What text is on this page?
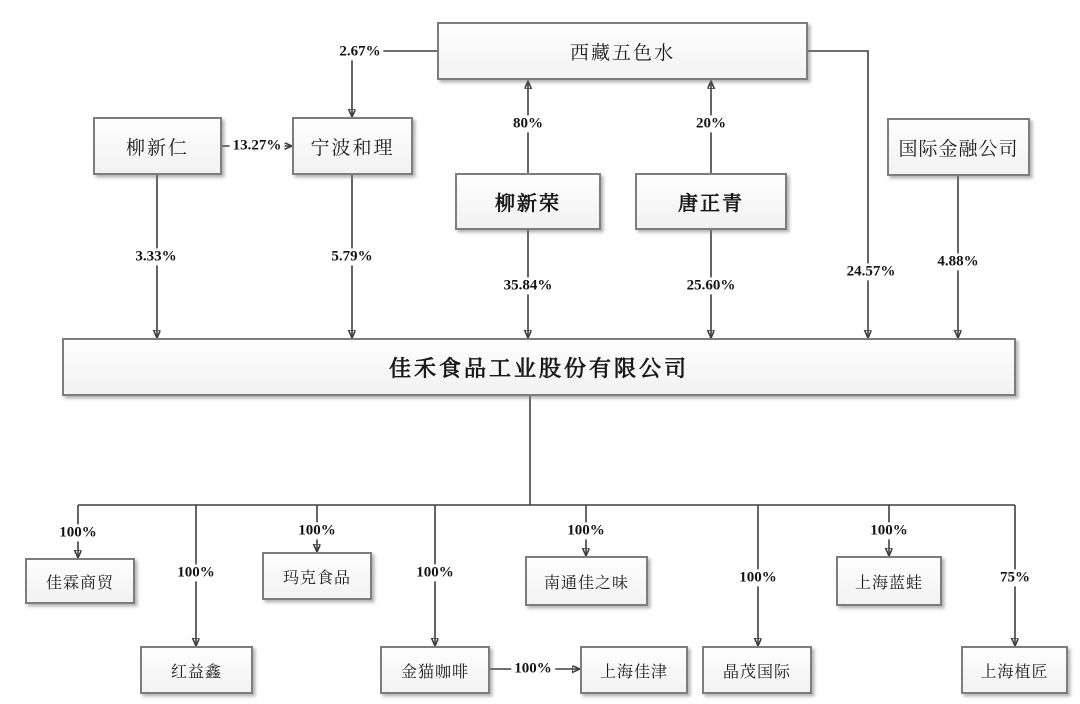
西藏五色水
柳新仁	宁波和理	国际金融公司
柳新荣	唐正青
佳禾食品工业股份有限公司
佳霖商贸	玛克食品	南通佳之味	上海蓝蛙
红益鑫	金猫咖啡	上海佳津	晶茂国际	上海植匠
2.67%
13.27%
80%	20%
3.33%	5.79%
35.84%	25.60%
24.57%
4.88%
100%
100%
100%
100%
100%
100%
100%
75%
100%
